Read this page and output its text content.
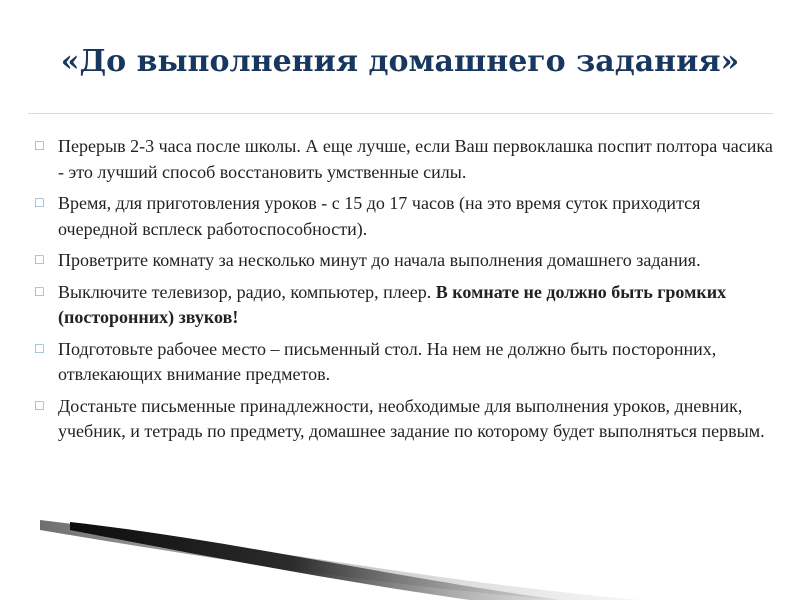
«До выполнения домашнего задания»
☐ Перерыв 2-3 часа после школы. А еще лучше, если Ваш первоклашка поспит полтора часика - это лучший способ восстановить умственные силы.
☐ Время, для приготовления уроков - с 15 до 17 часов (на это время суток приходится очередной всплеск работоспособности).
☐ Проветрите комнату за несколько минут до начала выполнения домашнего задания.
☐ Выключите телевизор, радио, компьютер, плеер. В комнате не должно быть громких (посторонних) звуков!
☐ Подготовьте рабочее место – письменный стол. На нем не должно быть посторонних, отвлекающих внимание предметов.
☐ Достаньте письменные принадлежности, необходимые для выполнения уроков, дневник, учебник, и тетрадь по предмету, домашнее задание по которому будет выполняться первым.
